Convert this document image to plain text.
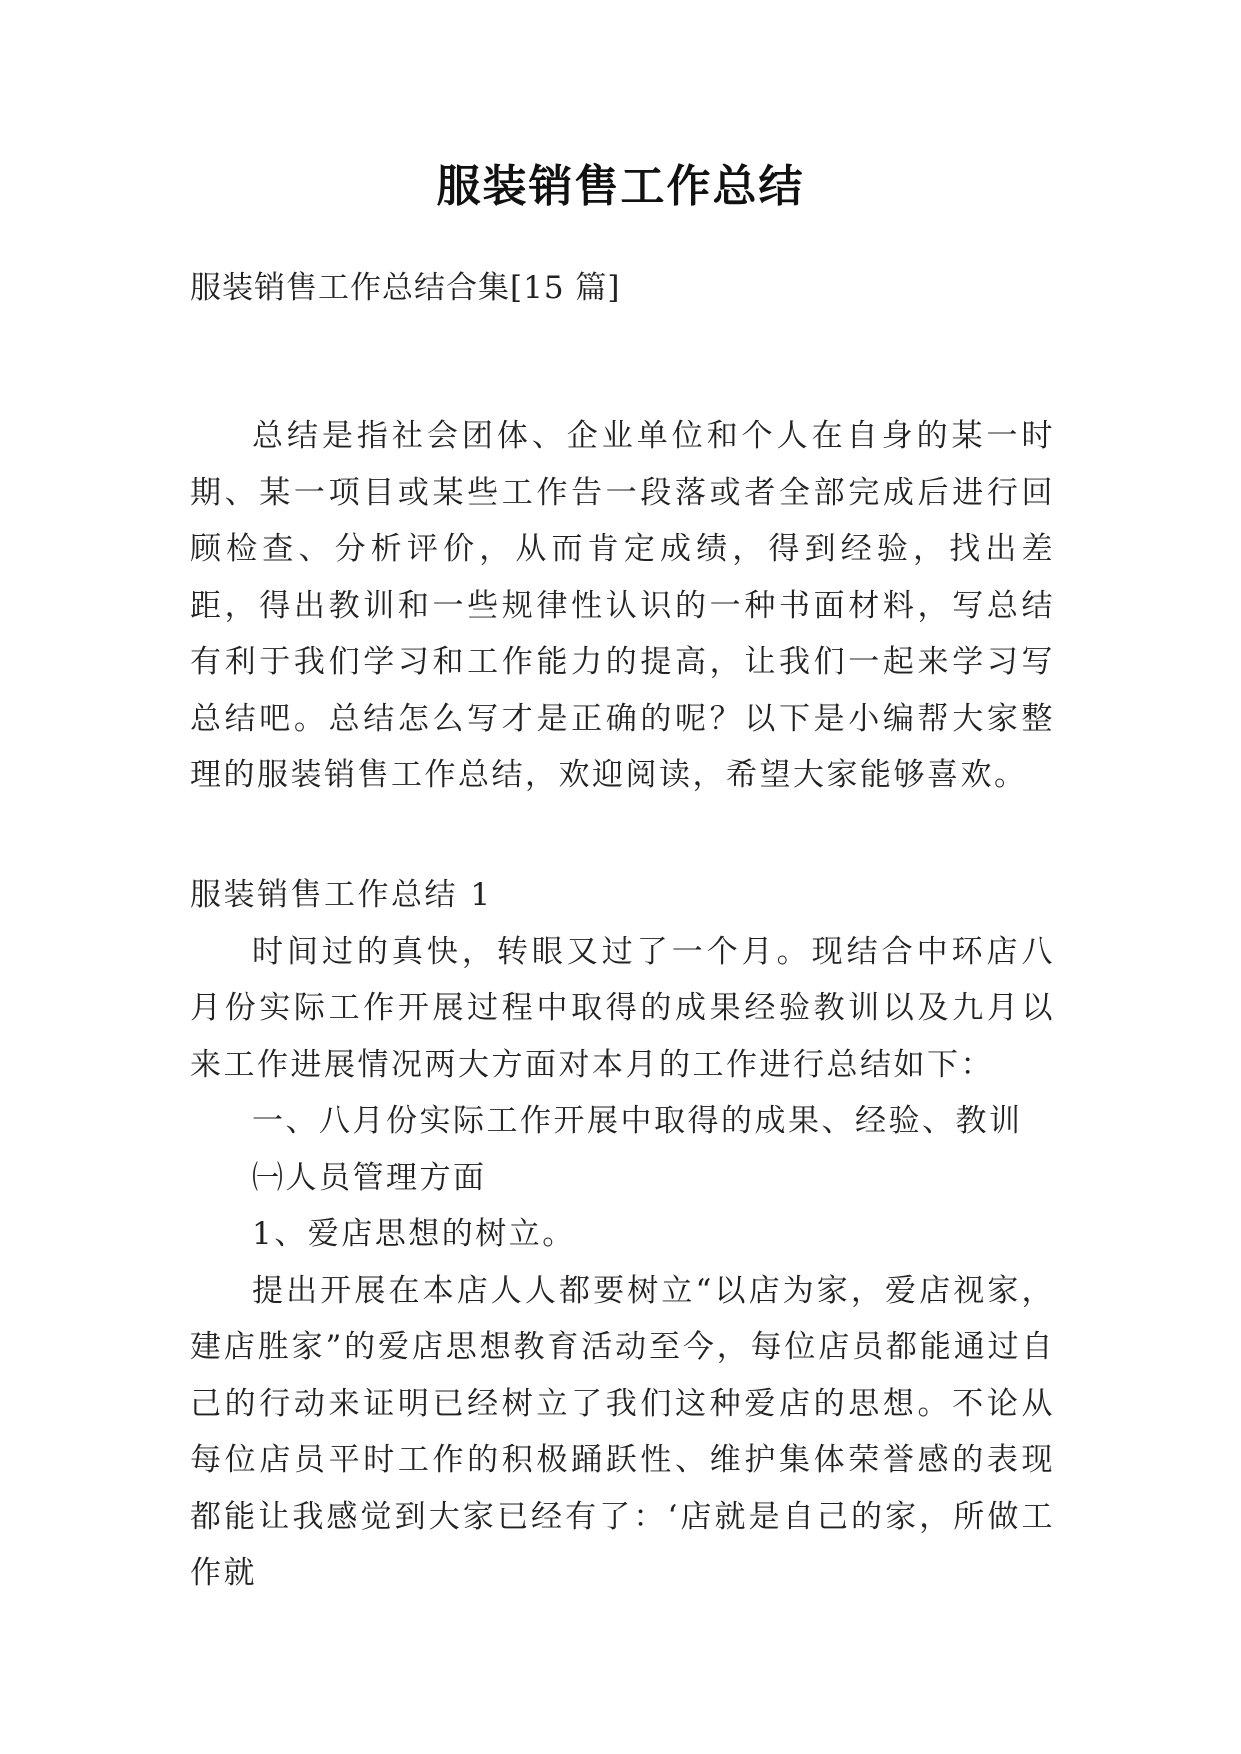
服装销售工作总结
服装销售工作总结合集[15 篇]

总结是指社会团体、企业单位和个人在自身的某一时期、某一项目或某些工作告一段落或者全部完成后进行回顾检查、分析评价，从而肯定成绩，得到经验，找出差距，得出教训和一些规律性认识的一种书面材料，写总结有利于我们学习和工作能力的提高，让我们一起来学习写总结吧。总结怎么写才是正确的呢？以下是小编帮大家整理的服装销售工作总结，欢迎阅读，希望大家能够喜欢。

服装销售工作总结 1

时间过的真快，转眼又过了一个月。现结合中环店八月份实际工作开展过程中取得的成果经验教训以及九月以来工作进展情况两大方面对本月的工作进行总结如下：

一、八月份实际工作开展中取得的成果、经验、教训

㈠人员管理方面

1、爱店思想的树立。

提出开展在本店人人都要树立“以店为家，爱店视家，建店胜家”的爱店思想教育活动至今，每位店员都能通过自己的行动来证明已经树立了我们这种爱店的思想。不论从每位店员平时工作的积极踊跃性、维护集体荣誉感的表现都能让我感觉到大家已经有了：‘店就是自己的家，所做工作就
